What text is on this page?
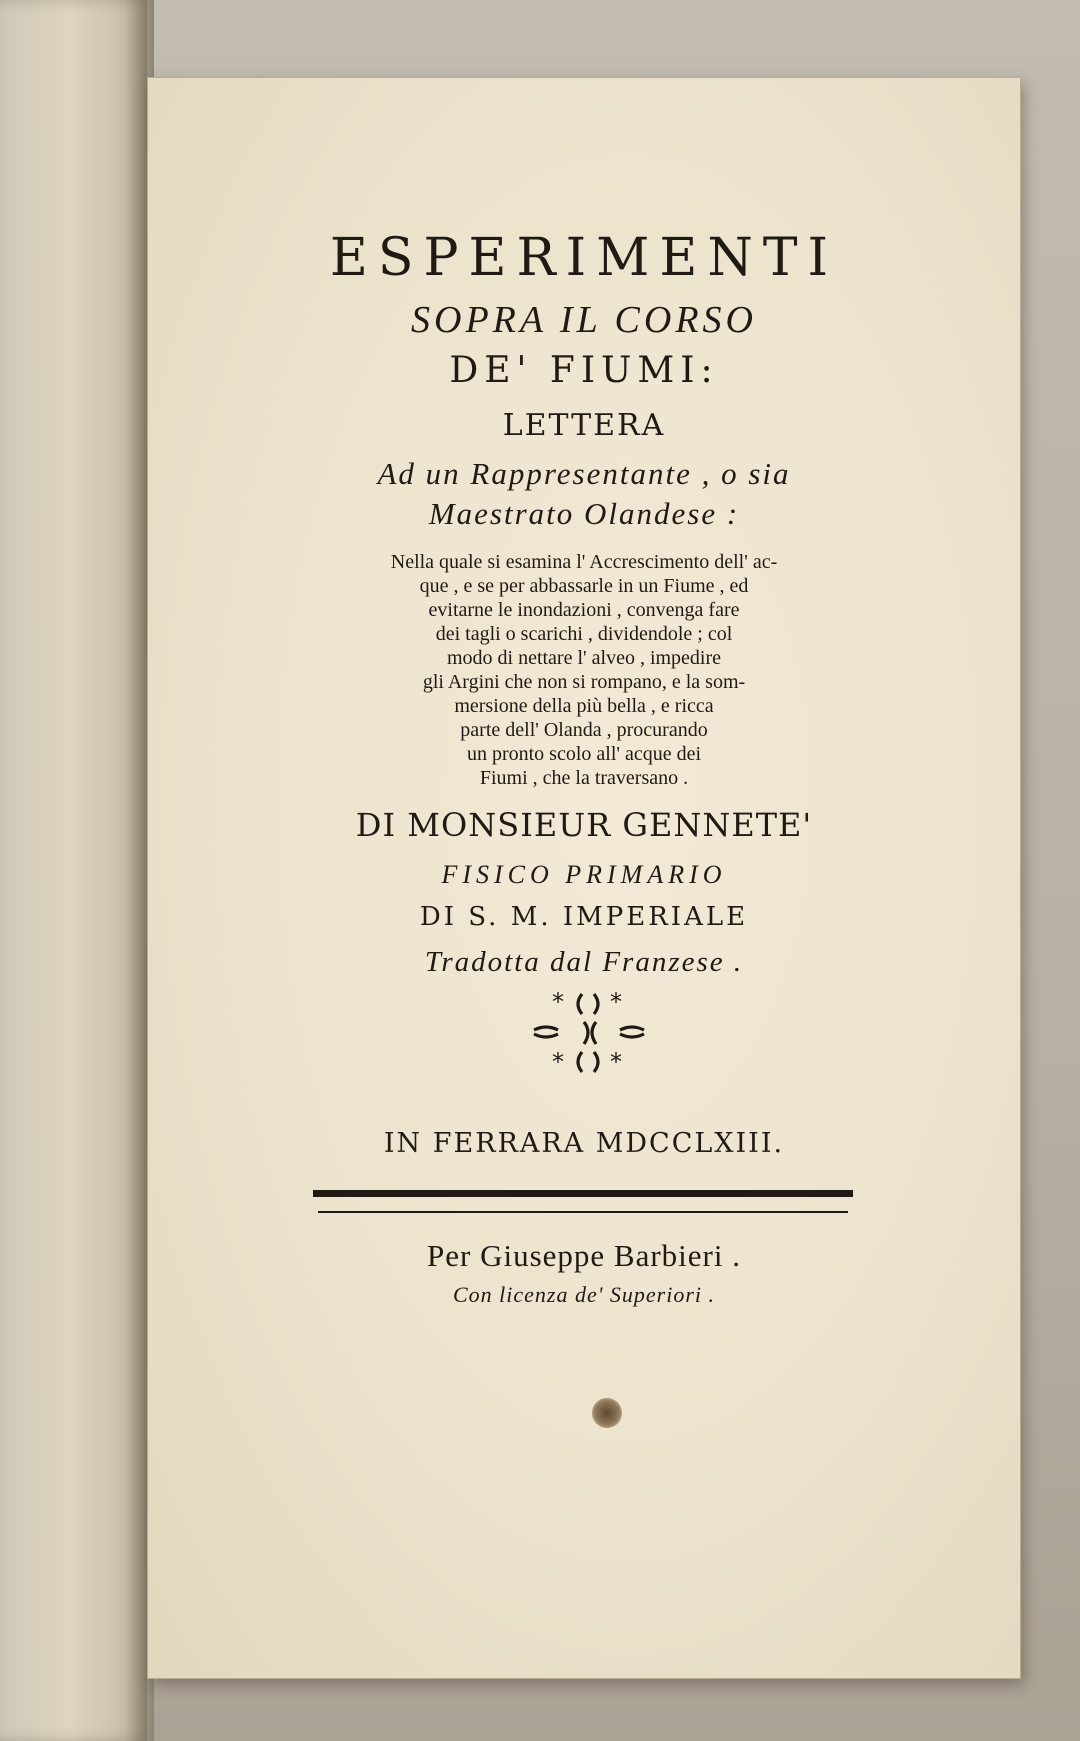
ESPERIMENTI
SOPRA IL CORSO
DE' FIUMI:
LETTERA
Ad un Rappresentante , o sia
Maestrato Olandese :
Nella quale si esamina l' Accrescimento dell' ac-
que , e se per abbassarle in un Fiume , ed
evitarne le inondazioni , convenga fare
dei tagli o scarichi , dividendole ; col
modo di nettare l' alveo , impedire
gli Argini che non si rompano, e la som-
mersione della più bella , e ricca
parte dell' Olanda , procurando
un pronto scolo all' acque dei
Fiumi , che la traversano .
DI MONSIEUR GENNETE'
FISICO PRIMARIO
DI S. M. IMPERIALE
Tradotta dal Franzese .
* *
* *
IN FERRARA MDCCLXIII.
Per Giuseppe Barbieri .
Con licenza de' Superiori .
